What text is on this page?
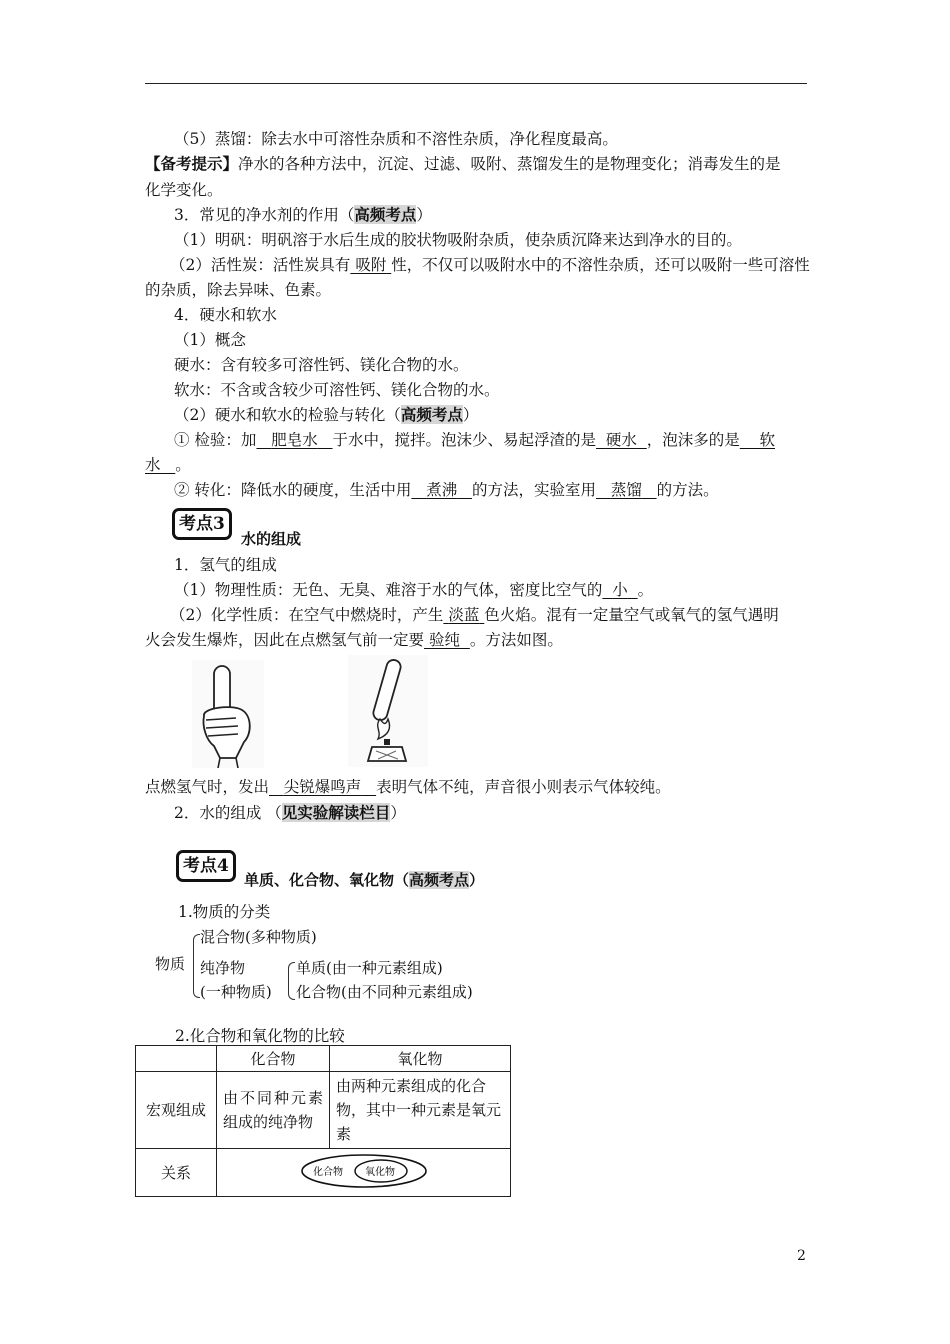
（5）蒸馏：除去水中可溶性杂质和不溶性杂质，净化程度最高。
【备考提示】净水的各种方法中，沉淀、过滤、吸附、蒸馏发生的是物理变化；消毒发生的是
化学变化。
3．常见的净水剂的作用（高频考点）
（1）明矾：明矾溶于水后生成的胶状物吸附杂质，使杂质沉降来达到净水的目的。
（2）活性炭：活性炭具有 吸附 性，不仅可以吸附水中的不溶性杂质，还可以吸附一些可溶性
的杂质，除去异味、色素。
4．硬水和软水
（1）概念
硬水：含有较多可溶性钙、镁化合物的水。
软水：不含或含较少可溶性钙、镁化合物的水。
（2）硬水和软水的检验与转化（高频考点）
① 检验：加 肥皂水 于水中，搅拌。泡沫少、易起浮渣的是 硬水 ，泡沫多的是 软
水 。
② 转化：降低水的硬度，生活中用 煮沸 的方法，实验室用 蒸馏 的方法。
考点3
水的组成
1．氢气的组成
（1）物理性质：无色、无臭、难溶于水的气体，密度比空气的 小 。
（2）化学性质：在空气中燃烧时，产生 淡蓝 色火焰。混有一定量空气或氧气的氢气遇明
火会发生爆炸，因此在点燃氢气前一定要 验纯 。方法如图。
点燃氢气时，发出 尖锐爆鸣声 表明气体不纯，声音很小则表示气体较纯。
2．水的组成 （见实验解读栏目）
考点4
单质、化合物、氧化物（高频考点）
1.物质的分类
物质
混合物(多种物质)
纯净物
(一种物质)
单质(由一种元素组成)
化合物(由不同种元素组成)
2.化合物和氧化物的比较
	化合物	氧化物
宏观组成	由不同种元素组成的纯净物	由两种元素组成的化合物，其中一种元素是氧元素
关系	化合物 氧化物	
2
